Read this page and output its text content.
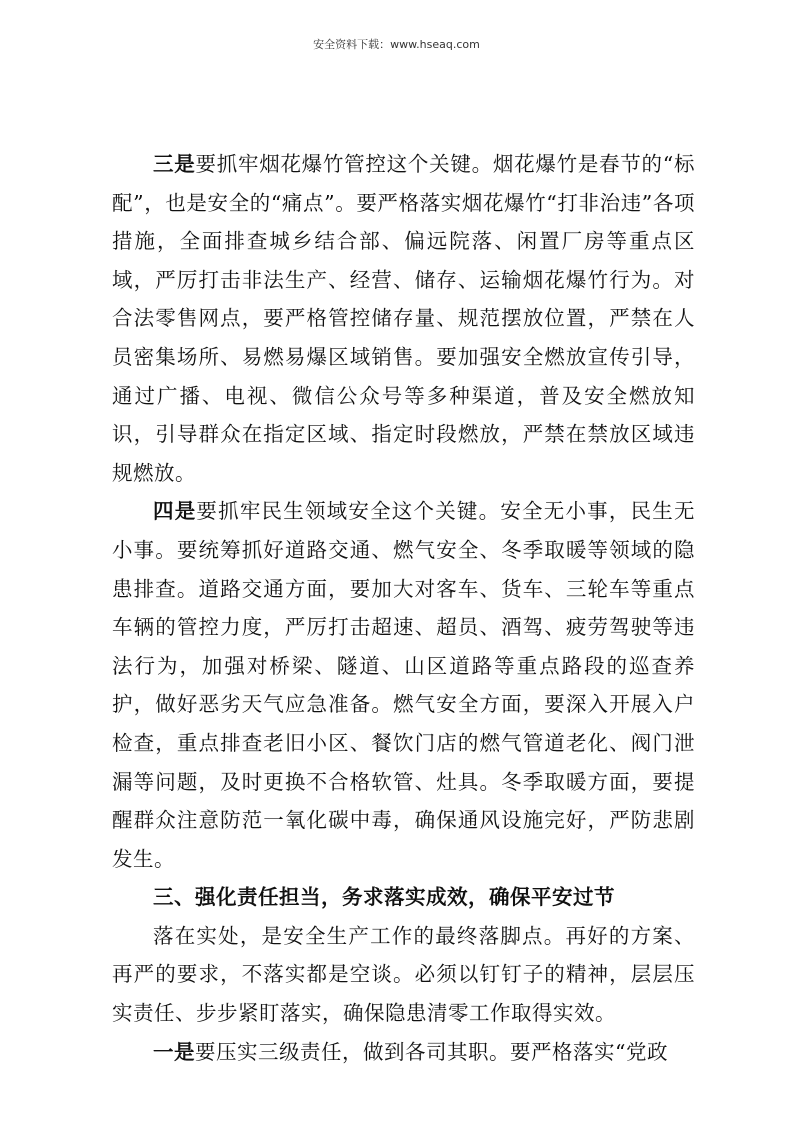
安全资料下载：www.hseaq.com

三是要抓牢烟花爆竹管控这个关键。烟花爆竹是春节的“标配”，也是安全的“痛点”。要严格落实烟花爆竹“打非治违”各项措施，全面排查城乡结合部、偏远院落、闲置厂房等重点区域，严厉打击非法生产、经营、储存、运输烟花爆竹行为。对合法零售网点，要严格管控储存量、规范摆放位置，严禁在人员密集场所、易燃易爆区域销售。要加强安全燃放宣传引导，通过广播、电视、微信公众号等多种渠道，普及安全燃放知识，引导群众在指定区域、指定时段燃放，严禁在禁放区域违规燃放。

四是要抓牢民生领域安全这个关键。安全无小事，民生无小事。要统筹抓好道路交通、燃气安全、冬季取暖等领域的隐患排查。道路交通方面，要加大对客车、货车、三轮车等重点车辆的管控力度，严厉打击超速、超员、酒驾、疲劳驾驶等违法行为，加强对桥梁、隧道、山区道路等重点路段的巡查养护，做好恶劣天气应急准备。燃气安全方面，要深入开展入户检查，重点排查老旧小区、餐饮门店的燃气管道老化、阀门泄漏等问题，及时更换不合格软管、灶具。冬季取暖方面，要提醒群众注意防范一氧化碳中毒，确保通风设施完好，严防悲剧发生。

三、强化责任担当，务求落实成效，确保平安过节

落在实处，是安全生产工作的最终落脚点。再好的方案、再严的要求，不落实都是空谈。必须以钉钉子的精神，层层压实责任、步步紧盯落实，确保隐患清零工作取得实效。

一是要压实三级责任，做到各司其职。要严格落实“党政
